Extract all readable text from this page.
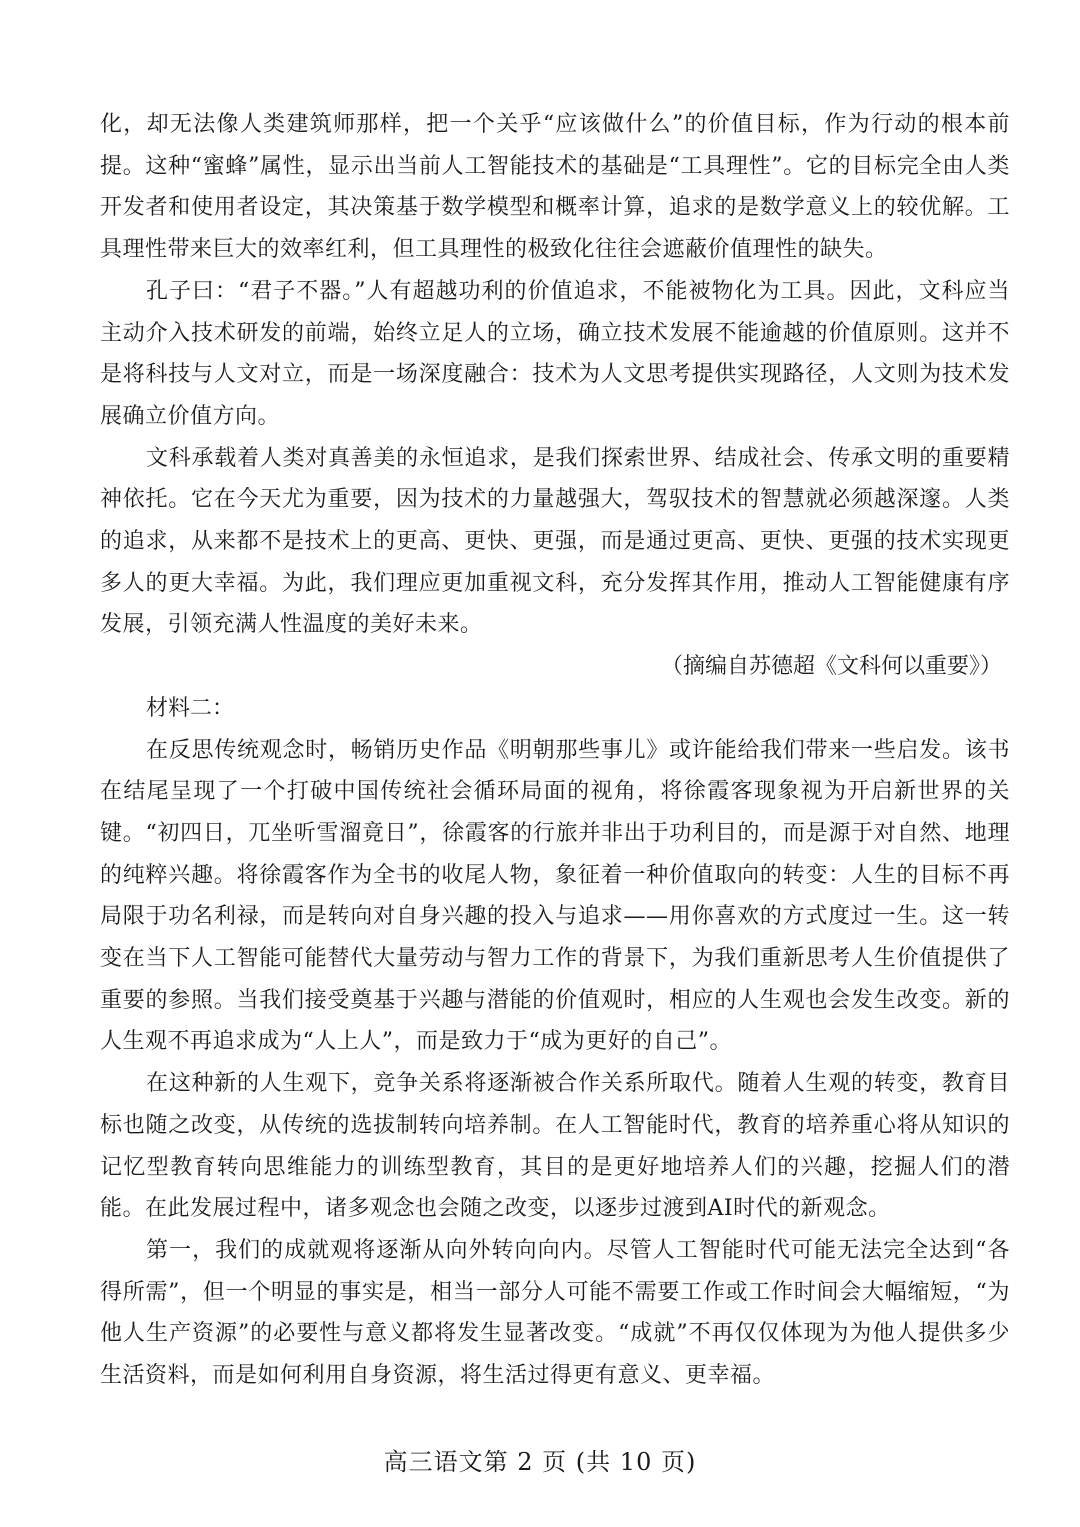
化，却无法像人类建筑师那样，把一个关乎“应该做什么”的价值目标，作为行动的根本前提。这种“蜜蜂”属性，显示出当前人工智能技术的基础是“工具理性”。它的目标完全由人类开发者和使用者设定，其决策基于数学模型和概率计算，追求的是数学意义上的较优解。工具理性带来巨大的效率红利，但工具理性的极致化往往会遮蔽价值理性的缺失。

孔子曰：“君子不器。”人有超越功利的价值追求，不能被物化为工具。因此，文科应当主动介入技术研发的前端，始终立足人的立场，确立技术发展不能逾越的价值原则。这并不是将科技与人文对立，而是一场深度融合：技术为人文思考提供实现路径，人文则为技术发展确立价值方向。

文科承载着人类对真善美的永恒追求，是我们探索世界、结成社会、传承文明的重要精神依托。它在今天尤为重要，因为技术的力量越强大，驾驭技术的智慧就必须越深邃。人类的追求，从来都不是技术上的更高、更快、更强，而是通过更高、更快、更强的技术实现更多人的更大幸福。为此，我们理应更加重视文科，充分发挥其作用，推动人工智能健康有序发展，引领充满人性温度的美好未来。

（摘编自苏德超《文科何以重要》）

材料二：

在反思传统观念时，畅销历史作品《明朝那些事儿》或许能给我们带来一些启发。该书在结尾呈现了一个打破中国传统社会循环局面的视角，将徐霞客现象视为开启新世界的关键。“初四日，兀坐听雪溜竟日”，徐霞客的行旅并非出于功利目的，而是源于对自然、地理的纯粹兴趣。将徐霞客作为全书的收尾人物，象征着一种价值取向的转变：人生的目标不再局限于功名利禄，而是转向对自身兴趣的投入与追求——用你喜欢的方式度过一生。这一转变在当下人工智能可能替代大量劳动与智力工作的背景下，为我们重新思考人生价值提供了重要的参照。当我们接受奠基于兴趣与潜能的价值观时，相应的人生观也会发生改变。新的人生观不再追求成为“人上人”，而是致力于“成为更好的自己”。

在这种新的人生观下，竞争关系将逐渐被合作关系所取代。随着人生观的转变，教育目标也随之改变，从传统的选拔制转向培养制。在人工智能时代，教育的培养重心将从知识的记忆型教育转向思维能力的训练型教育，其目的是更好地培养人们的兴趣，挖掘人们的潜能。在此发展过程中，诸多观念也会随之改变，以逐步过渡到AI时代的新观念。

第一，我们的成就观将逐渐从向外转向向内。尽管人工智能时代可能无法完全达到“各得所需”，但一个明显的事实是，相当一部分人可能不需要工作或工作时间会大幅缩短，“为他人生产资源”的必要性与意义都将发生显著改变。“成就”不再仅仅体现为为他人提供多少生活资料，而是如何利用自身资源，将生活过得更有意义、更幸福。

高三语文第 2 页 (共 10 页)
